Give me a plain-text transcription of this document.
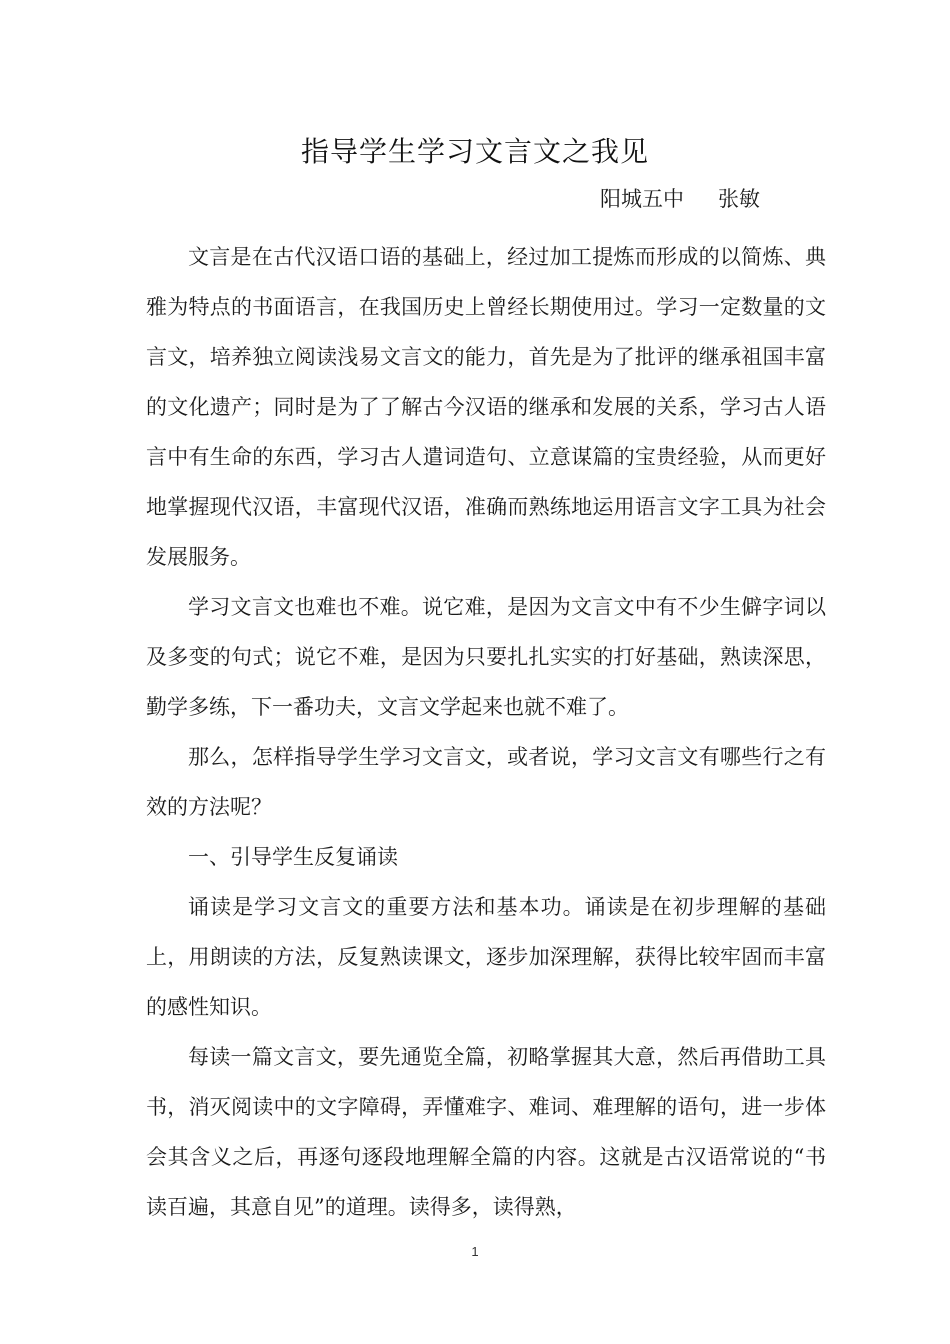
指导学生学习文言文之我见
阳城五中 张敏

文言是在古代汉语口语的基础上，经过加工提炼而形成的以简炼、典雅为特点的书面语言，在我国历史上曾经长期使用过。学习一定数量的文言文，培养独立阅读浅易文言文的能力，首先是为了批评的继承祖国丰富的文化遗产；同时是为了了解古今汉语的继承和发展的关系，学习古人语言中有生命的东西，学习古人遣词造句、立意谋篇的宝贵经验，从而更好地掌握现代汉语，丰富现代汉语，准确而熟练地运用语言文字工具为社会发展服务。

学习文言文也难也不难。说它难，是因为文言文中有不少生僻字词以及多变的句式；说它不难，是因为只要扎扎实实的打好基础，熟读深思，勤学多练，下一番功夫，文言文学起来也就不难了。

那么，怎样指导学生学习文言文，或者说，学习文言文有哪些行之有效的方法呢？

一、引导学生反复诵读

诵读是学习文言文的重要方法和基本功。诵读是在初步理解的基础上，用朗读的方法，反复熟读课文，逐步加深理解，获得比较牢固而丰富的感性知识。

每读一篇文言文，要先通览全篇，初略掌握其大意，然后再借助工具书，消灭阅读中的文字障碍，弄懂难字、难词、难理解的语句，进一步体会其含义之后，再逐句逐段地理解全篇的内容。这就是古汉语常说的“书读百遍，其意自见”的道理。读得多，读得熟，

1
